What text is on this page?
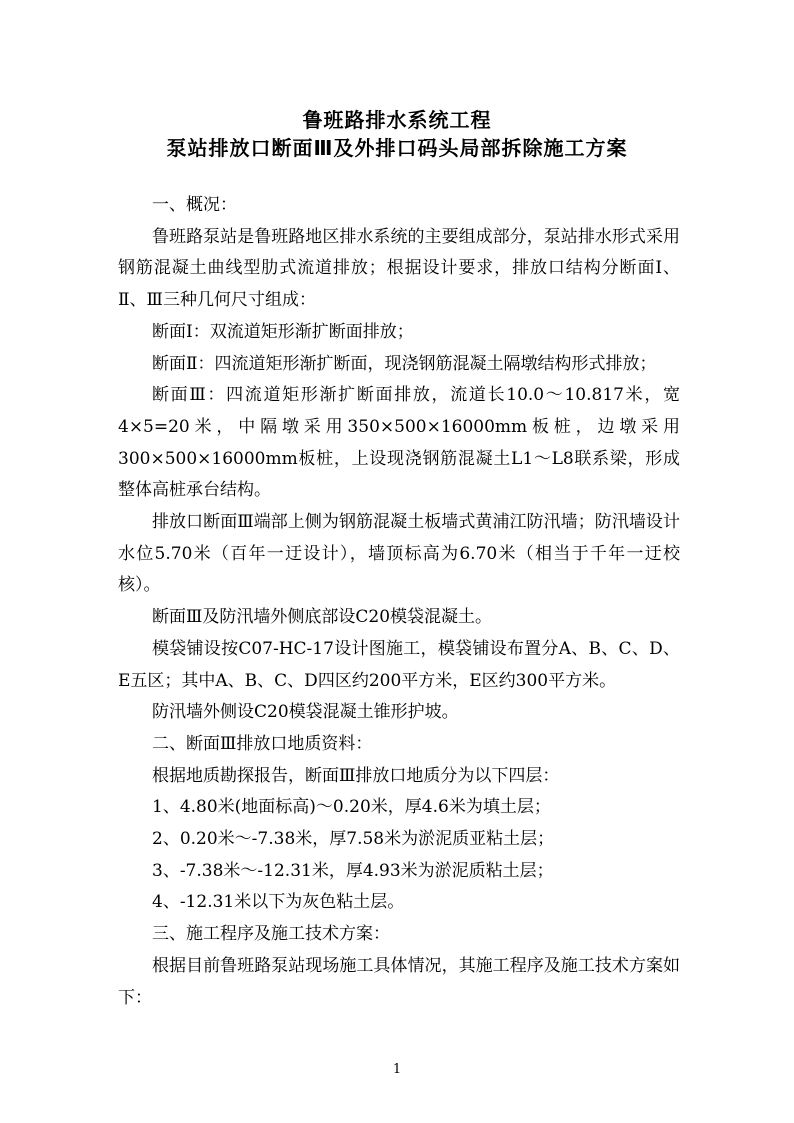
鲁班路排水系统工程
泵站排放口断面Ⅲ及外排口码头局部拆除施工方案

一、概况：

鲁班路泵站是鲁班路地区排水系统的主要组成部分，泵站排水形式采用钢筋混凝土曲线型肋式流道排放；根据设计要求，排放口结构分断面Ⅰ、Ⅱ、Ⅲ三种几何尺寸组成：

断面Ⅰ：双流道矩形渐扩断面排放；

断面Ⅱ：四流道矩形渐扩断面，现浇钢筋混凝土隔墩结构形式排放；

断面Ⅲ：四流道矩形渐扩断面排放，流道长10.0～10.817米，宽4×5=20米，中隔墩采用350×500×16000mm板桩，边墩采用300×500×16000mm板桩，上设现浇钢筋混凝土L1～L8联系梁，形成整体高桩承台结构。

排放口断面Ⅲ端部上侧为钢筋混凝土板墙式黄浦江防汛墙；防汛墙设计水位5.70米（百年一迂设计），墙顶标高为6.70米（相当于千年一迂校核）。

断面Ⅲ及防汛墙外侧底部设C20模袋混凝土。

模袋铺设按C07-HC-17设计图施工，模袋铺设布置分A、B、C、D、E五区；其中A、B、C、D四区约200平方米，E区约300平方米。

防汛墙外侧设C20模袋混凝土锥形护坡。

二、断面Ⅲ排放口地质资料：

根据地质勘探报告，断面Ⅲ排放口地质分为以下四层：

1、4.80米(地面标高)～0.20米，厚4.6米为填土层；

2、0.20米～-7.38米，厚7.58米为淤泥质亚粘土层；

3、-7.38米～-12.31米，厚4.93米为淤泥质粘土层；

4、-12.31米以下为灰色粘土层。

三、施工程序及施工技术方案：

根据目前鲁班路泵站现场施工具体情况，其施工程序及施工技术方案如下：

1
